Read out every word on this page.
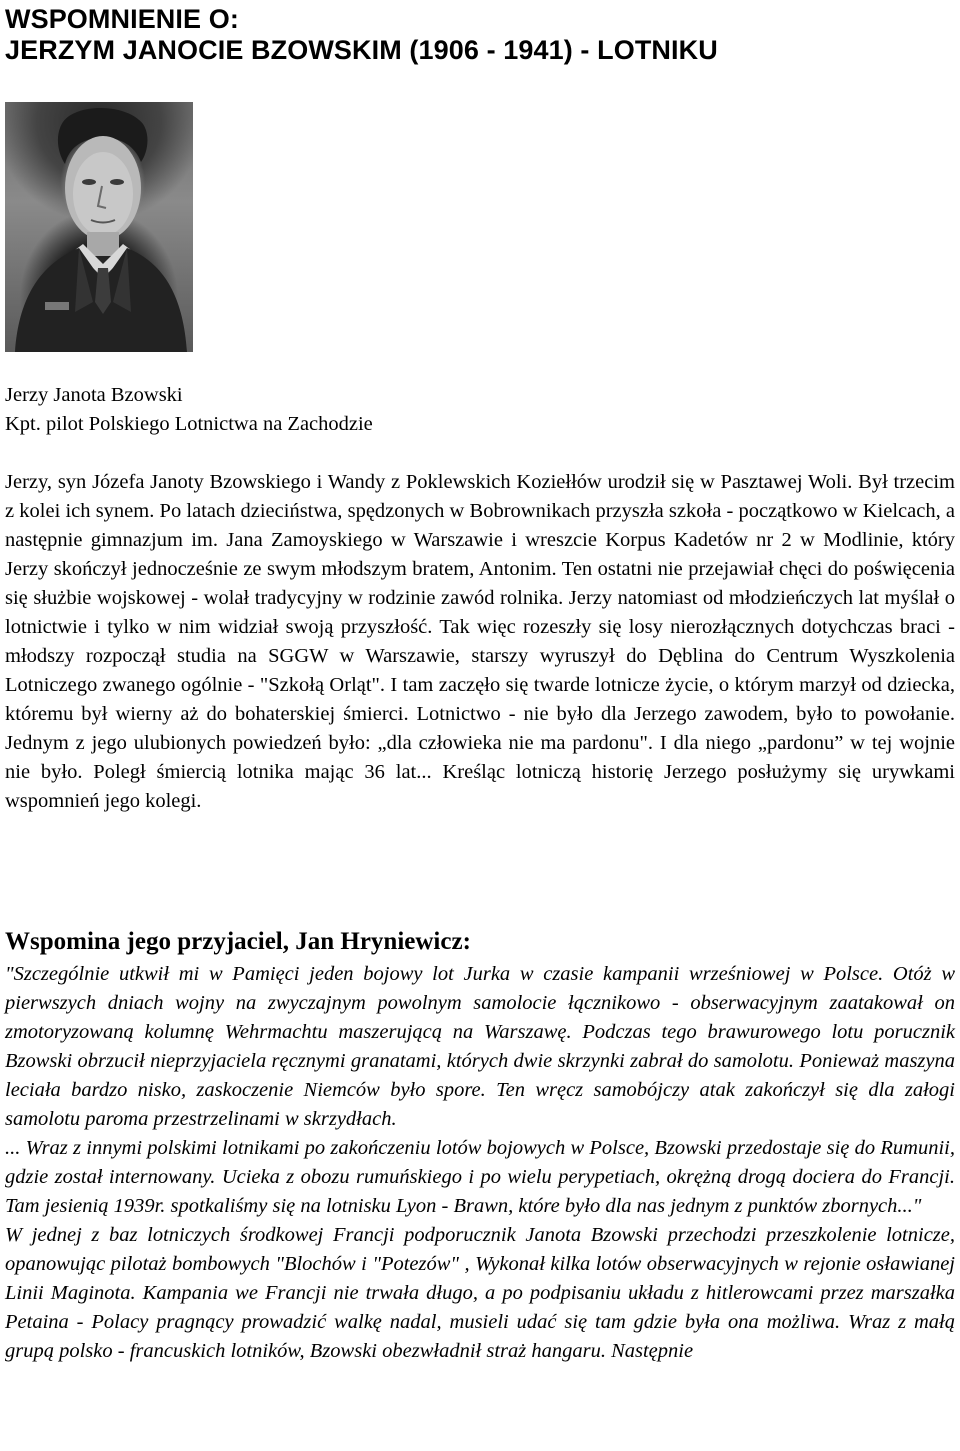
WSPOMNIENIE O:
JERZYM JANOCIE BZOWSKIM (1906 - 1941) - LOTNIKU
Jerzy Janota Bzowski
Kpt. pilot Polskiego Lotnictwa na Zachodzie

Jerzy, syn Józefa Janoty Bzowskiego i Wandy z Poklewskich Koziełłów urodził się w Pasztawej Woli. Był trzecim z kolei ich synem. Po latach dzieciństwa, spędzonych w Bobrownikach przyszła szkoła - początkowo w Kielcach, a następnie gimnazjum im. Jana Zamoyskiego w Warszawie i wreszcie Korpus Kadetów nr 2 w Modlinie, który Jerzy skończył jednocześnie ze swym młodszym bratem, Antonim. Ten ostatni nie przejawiał chęci do poświęcenia się służbie wojskowej - wolał tradycyjny w rodzinie zawód rolnika. Jerzy natomiast od młodzieńczych lat myślał o lotnictwie i tylko w nim widział swoją przyszłość. Tak więc rozeszły się losy nierozłącznych dotychczas braci - młodszy rozpoczął studia na SGGW w Warszawie, starszy wyruszył do Dęblina do Centrum Wyszkolenia Lotniczego zwanego ogólnie - "Szkołą Orląt". I tam zaczęło się twarde lotnicze życie, o którym marzył od dziecka, któremu był wierny aż do bohaterskiej śmierci. Lotnictwo - nie było dla Jerzego zawodem, było to powołanie. Jednym z jego ulubionych powiedzeń było: „dla człowieka nie ma pardonu". I dla niego „pardonu” w tej wojnie nie było. Poległ śmiercią lotnika mając 36 lat... Kreśląc lotniczą historię Jerzego posłużymy się urywkami wspomnień jego kolegi.

Wspomina jego przyjaciel, Jan Hryniewicz:

"Szczególnie utkwił mi w Pamięci jeden bojowy lot Jurka w czasie kampanii wrześniowej w Polsce. Otóż w pierwszych dniach wojny na zwyczajnym powolnym samolocie łącznikowo - obserwacyjnym zaatakował on zmotoryzowaną kolumnę Wehrmachtu maszerującą na Warszawę. Podczas tego brawurowego lotu porucznik Bzowski obrzucił nieprzyjaciela ręcznymi granatami, których dwie skrzynki zabrał do samolotu. Ponieważ maszyna leciała bardzo nisko, zaskoczenie Niemców było spore. Ten wręcz samobójczy atak zakończył się dla załogi samolotu paroma przestrzelinami w skrzydłach.

... Wraz z innymi polskimi lotnikami po zakończeniu lotów bojowych w Polsce, Bzowski przedostaje się do Rumunii, gdzie został internowany. Ucieka z obozu rumuńskiego i po wielu perypetiach, okrężną drogą dociera do Francji. Tam jesienią 1939r. spotkaliśmy się na lotnisku Lyon - Brawn, które było dla nas jednym z punktów zbornych..."

W jednej z baz lotniczych środkowej Francji podporucznik Janota Bzowski przechodzi przeszkolenie lotnicze, opanowując pilotaż bombowych "Blochów i "Potezów" , Wykonał kilka lotów obserwacyjnych w rejonie osławianej Linii Maginota. Kampania we Francji nie trwała długo, a po podpisaniu układu z hitlerowcami przez marszałka Petaina - Polacy pragnący prowadzić walkę nadal, musieli udać się tam gdzie była ona możliwa. Wraz z małą grupą polsko - francuskich lotników, Bzowski obezwładnił straż hangaru. Następnie
